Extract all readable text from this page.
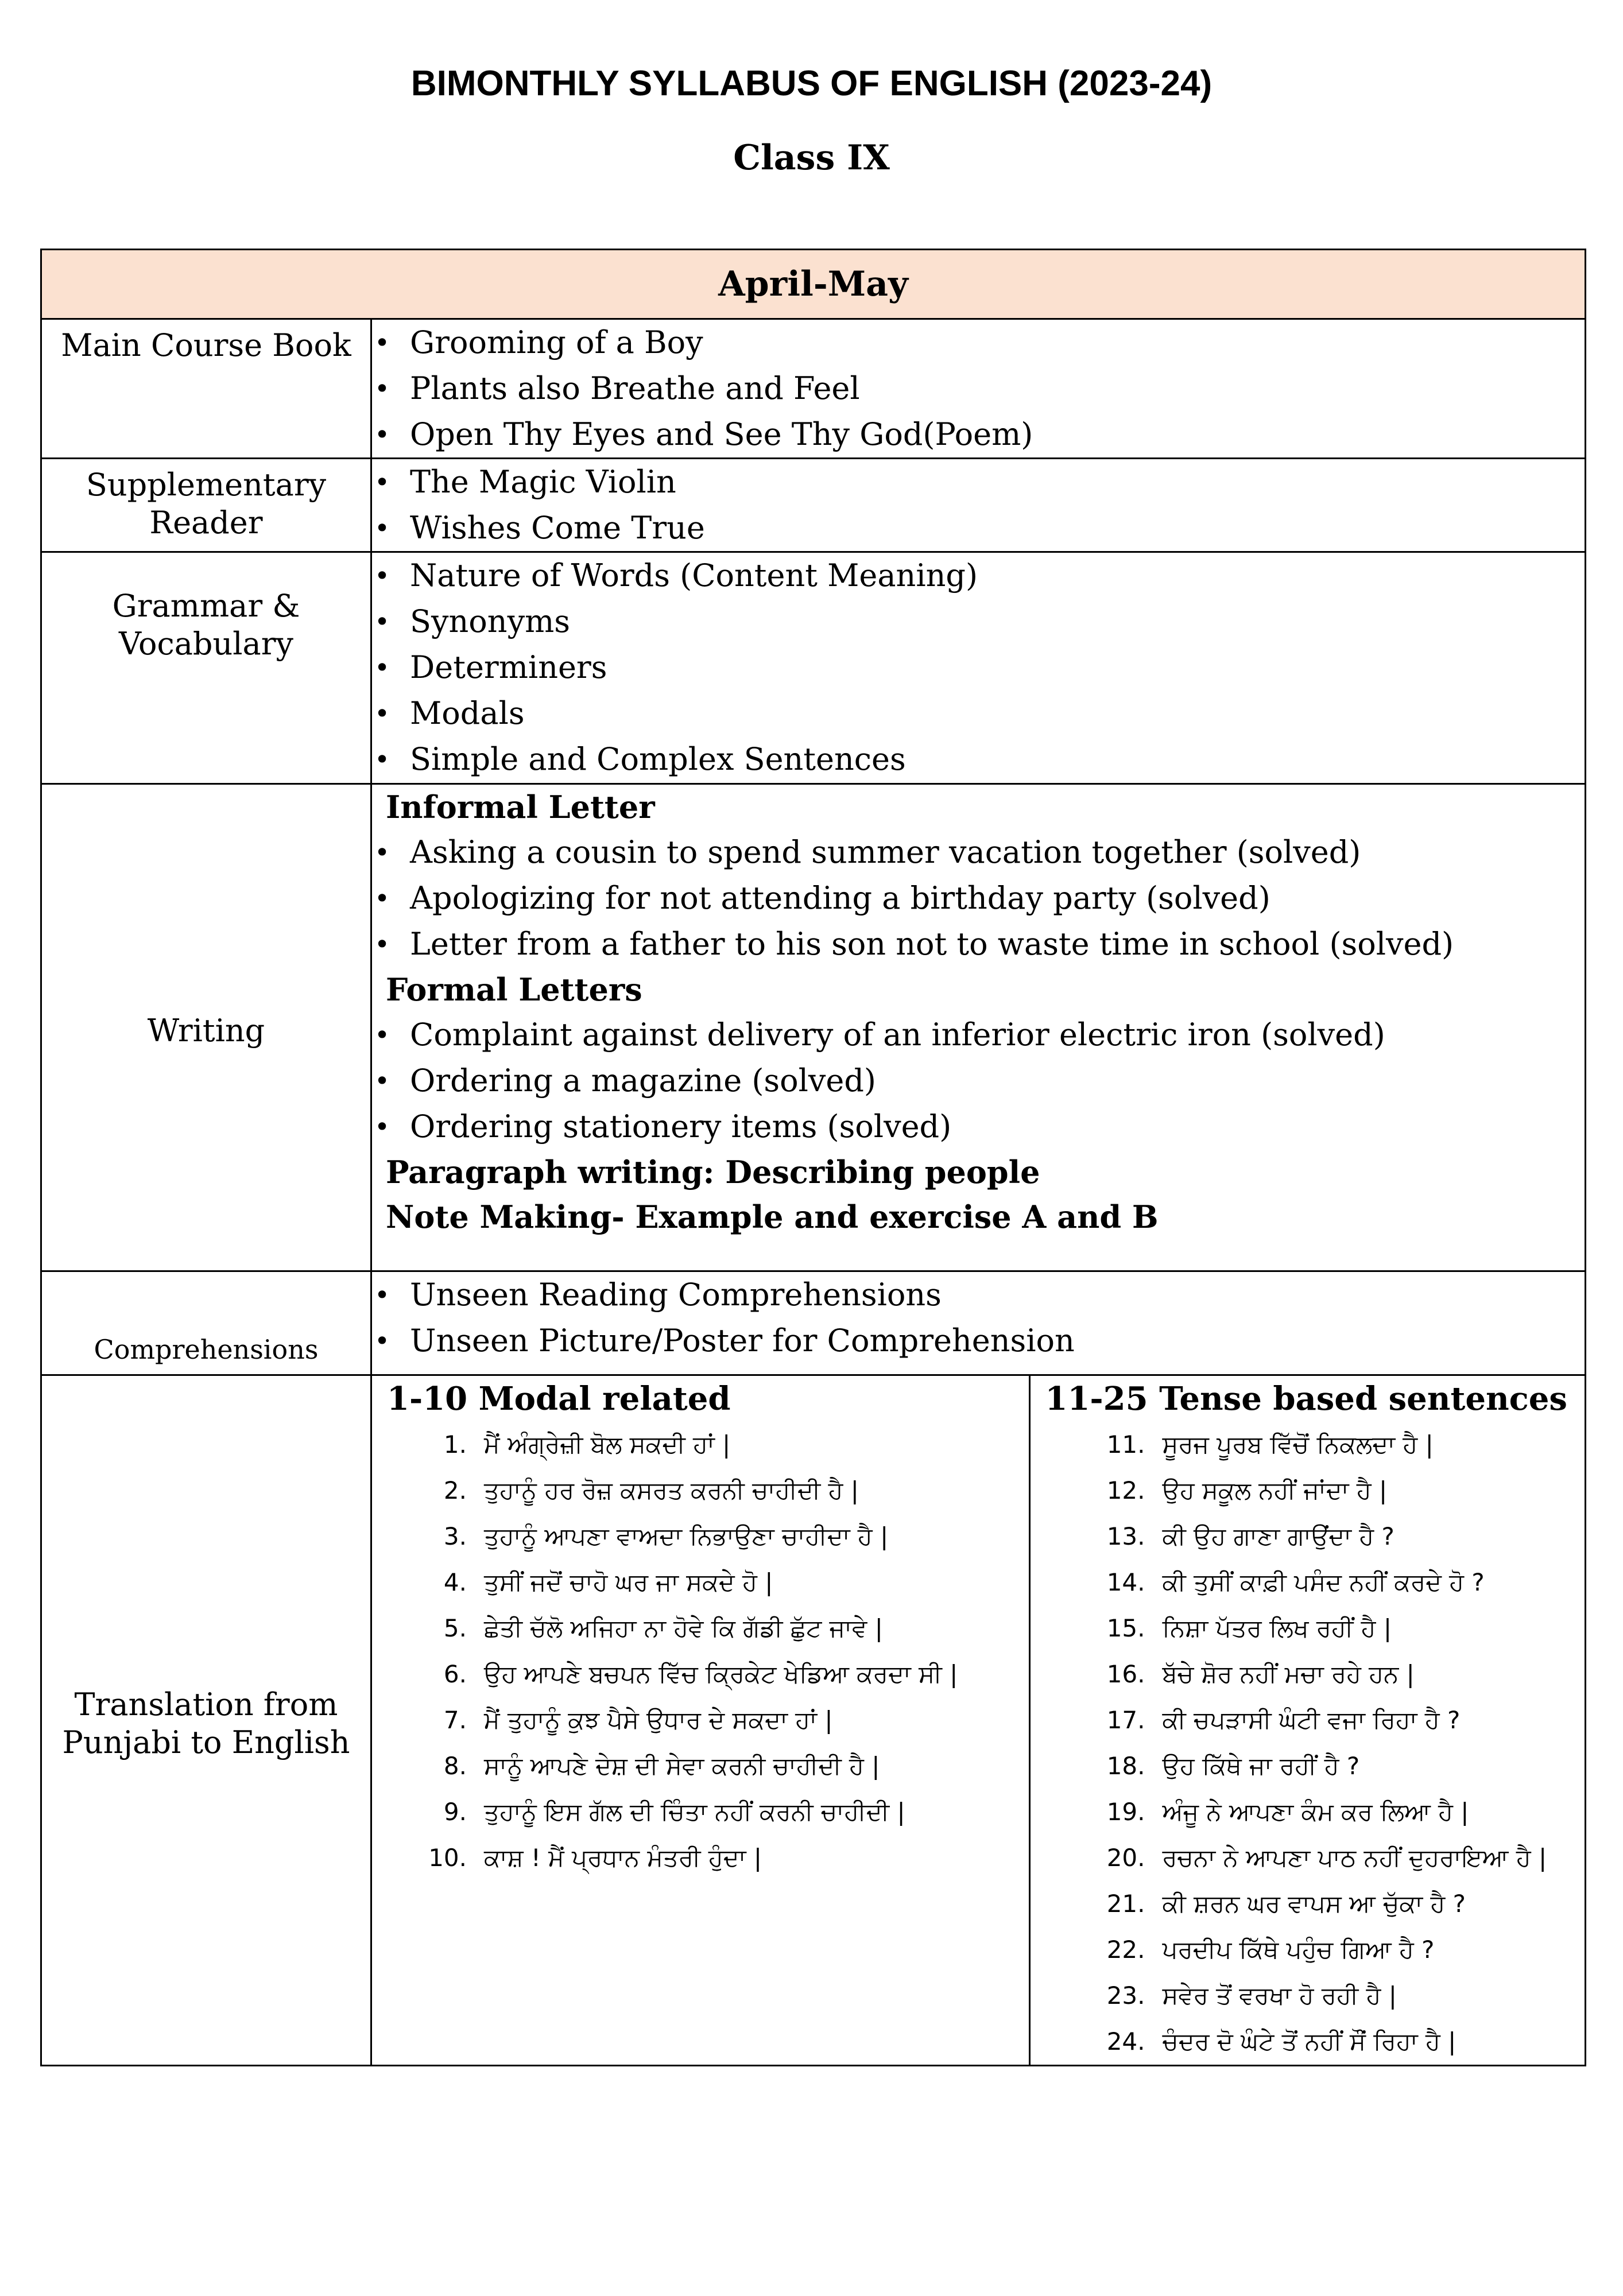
BIMONTHLY SYLLABUS OF ENGLISH (2023-24)
Class IX
April-May
Main Course Book	
•Grooming of a Boy
• Plants also Breathe and Feel
• Open Thy Eyes and See Thy God(Poem)

Supplementary Reader	
• The Magic Violin
• Wishes Come True

Grammar & Vocabulary	
• Nature of Words (Content Meaning)
• Synonyms
• Determiners
• Modals
• Simple and Complex Sentences

Writing	
Informal Letter
• Asking a cousin to spend summer vacation together (solved)
• Apologizing for not attending a birthday party (solved)
• Letter from a father to his son not to waste time in school (solved)
Formal Letters
• Complaint against delivery of an inferior electric iron (solved)
• Ordering a magazine (solved)
• Ordering stationery items (solved)
Paragraph writing: Describing people
Note Making- Example and exercise A and B

Comprehensions	
• Unseen Reading Comprehensions
• Unseen Picture/Poster for Comprehension

Translation from Punjabi to English	
1-10 Modal related
1. ਮੈਂ ਅੰਗ੍ਰੇਜ਼ੀ ਬੋਲ ਸਕਦੀ ਹਾਂ |
2. ਤੁਹਾਨੂੰ ਹਰ ਰੋਜ਼ ਕਸਰਤ ਕਰਨੀ ਚਾਹੀਦੀ ਹੈ |
3. ਤੁਹਾਨੂੰ ਆਪਣਾ ਵਾਅਦਾ ਨਿਭਾਉਣਾ ਚਾਹੀਦਾ ਹੈ |
4. ਤੁਸੀਂ ਜਦੋਂ ਚਾਹੋ ਘਰ ਜਾ ਸਕਦੇ ਹੋ |
5. ਛੇਤੀ ਚੱਲੋ ਅਜਿਹਾ ਨਾ ਹੋਵੇ ਕਿ ਗੱਡੀ ਛੁੱਟ ਜਾਵੇ |
6. ਉਹ ਆਪਣੇ ਬਚਪਨ ਵਿੱਚ ਕ੍ਰਿਕੇਟ ਖੇਡਿਆ ਕਰਦਾ ਸੀ |
7. ਮੈਂ ਤੁਹਾਨੂੰ ਕੁਝ ਪੈਸੇ ਉਧਾਰ ਦੇ ਸਕਦਾ ਹਾਂ |
8. ਸਾਨੂੰ ਆਪਣੇ ਦੇਸ਼ ਦੀ ਸੇਵਾ ਕਰਨੀ ਚਾਹੀਦੀ ਹੈ |
9. ਤੁਹਾਨੂੰ ਇਸ ਗੱਲ ਦੀ ਚਿੰਤਾ ਨਹੀਂ ਕਰਨੀ ਚਾਹੀਦੀ |
10. ਕਾਸ਼ ! ਮੈਂ ਪ੍ਰਧਾਨ ਮੰਤਰੀ ਹੁੰਦਾ |

11-25 Tense based sentences
11. ਸੂਰਜ ਪੂਰਬ ਵਿੱਚੋਂ ਨਿਕਲਦਾ ਹੈ |
12. ਉਹ ਸਕੂਲ ਨਹੀਂ ਜਾਂਦਾ ਹੈ |
13. ਕੀ ਉਹ ਗਾਣਾ ਗਾਉਂਦਾ ਹੈ ?
14. ਕੀ ਤੁਸੀਂ ਕਾਫ਼ੀ ਪਸੰਦ ਨਹੀਂ ਕਰਦੇ ਹੋ ?
15. ਨਿਸ਼ਾ ਪੱਤਰ ਲਿਖ ਰਹੀਂ ਹੈ |
16. ਬੱਚੇ ਸ਼ੋਰ ਨਹੀਂ ਮਚਾ ਰਹੇ ਹਨ |
17. ਕੀ ਚਪੜਾਸੀ ਘੰਟੀ ਵਜਾ ਰਿਹਾ ਹੈ ?
18. ਉਹ ਕਿੱਥੇ ਜਾ ਰਹੀਂ ਹੈ ?
19. ਅੰਜੂ ਨੇ ਆਪਣਾ ਕੰਮ ਕਰ ਲਿਆ ਹੈ |
20. ਰਚਨਾ ਨੇ ਆਪਣਾ ਪਾਠ ਨਹੀਂ ਦੁਹਰਾਇਆ ਹੈ |
21. ਕੀ ਸ਼ਰਨ ਘਰ ਵਾਪਸ ਆ ਚੁੱਕਾ ਹੈ ?
22. ਪਰਦੀਪ ਕਿੱਥੇ ਪਹੁੰਚ ਗਿਆ ਹੈ ?
23. ਸਵੇਰ ਤੋਂ ਵਰਖਾ ਹੋ ਰਹੀ ਹੈ |
24. ਚੰਦਰ ਦੋ ਘੰਟੇ ਤੋਂ ਨਹੀਂ ਸੌਂ ਰਿਹਾ ਹੈ |
